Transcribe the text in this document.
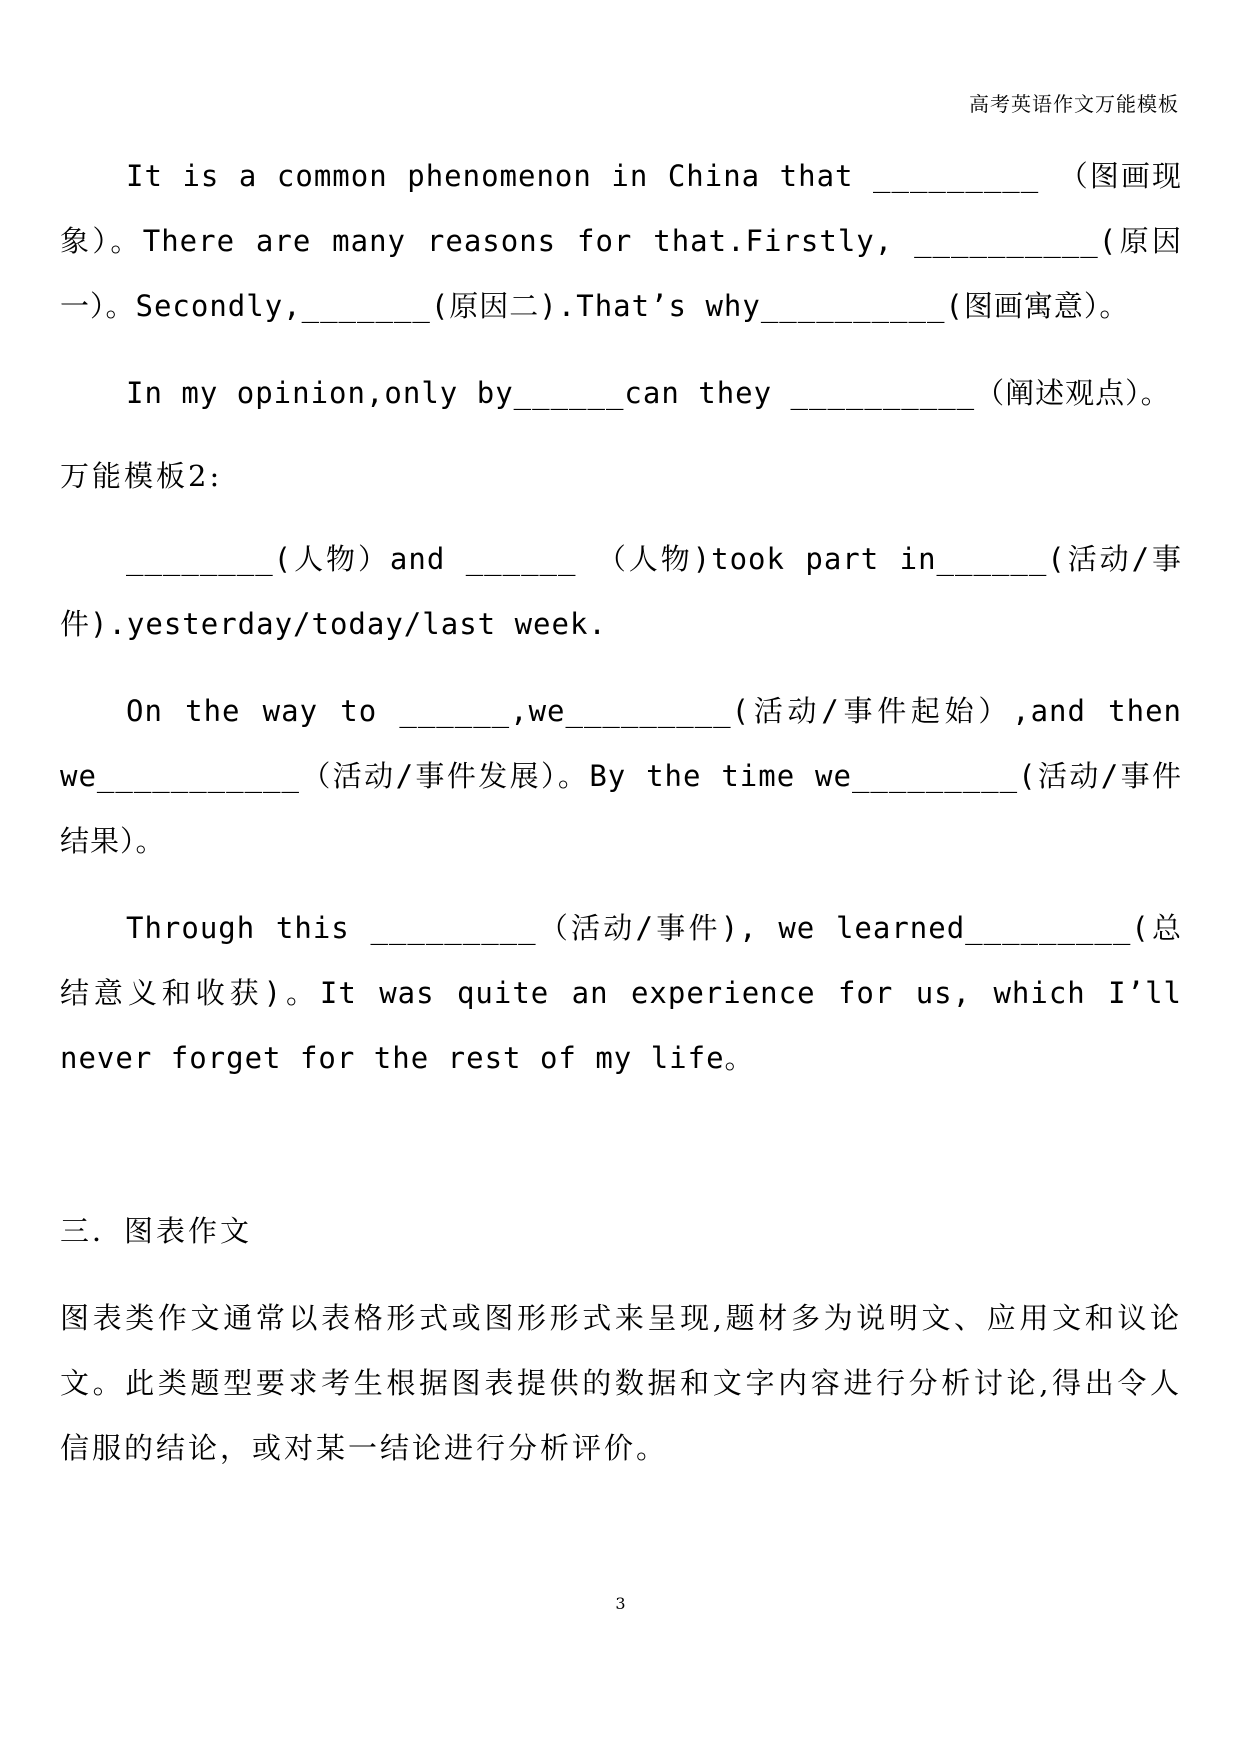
高考英语作文万能模板

It is a common phenomenon in China that _________ （图画现象）。There are many reasons for that.Firstly, __________(原因一）。Secondly,_______(原因二).That’s why__________(图画寓意）。

In my opinion,only by______can they __________（阐述观点）。

万能模板2:

________(人物）and ______ （人物)took part in______(活动/事件).yesterday/today/last week.

On the way to ______,we_________(活动/事件起始）,and then we___________（活动/事件发展）。By the time we_________(活动/事件结果）。

Through this _________（活动/事件), we learned_________(总结意义和收获)。It was quite an experience for us, which I’ll never forget for the rest of my life。

三．图表作文

图表类作文通常以表格形式或图形形式来呈现,题材多为说明文、应用文和议论文。此类题型要求考生根据图表提供的数据和文字内容进行分析讨论,得出令人信服的结论，或对某一结论进行分析评价。

3
